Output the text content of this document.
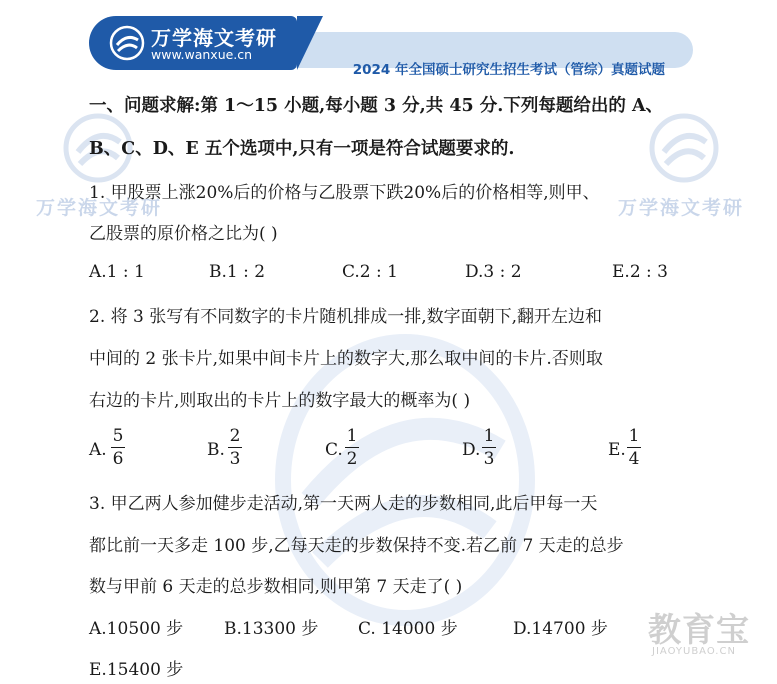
万学海文考研	万学海文考研
教育宝
JIAOYUBAO.CN
2024 年全国硕士研究生招生考试（管综）真题试题
万学海文考研
www.wanxue.cn
一、问题求解:第 1～15 小题,每小题 3 分,共 45 分.下列每题给出的 A、
B、C、D、E 五个选项中,只有一项是符合试题要求的.
1. 甲股票上涨20%后的价格与乙股票下跌20%后的价格相等,则甲、
乙股票的原价格之比为( )
A.1 : 1	B.1 : 2	C.2 : 1	D.3 : 2	E.2 : 3
2. 将 3 张写有不同数字的卡片随机排成一排,数字面朝下,翻开左边和
中间的 2 张卡片,如果中间卡片上的数字大,那么取中间的卡片.否则取
右边的卡片,则取出的卡片上的数字最大的概率为( )
A.
5
6	B.
2
3	C.
1
2	D.
1
3	E.
1
4
3. 甲乙两人参加健步走活动,第一天两人走的步数相同,此后甲每一天
都比前一天多走 100 步,乙每天走的步数保持不变.若乙前 7 天走的总步
数与甲前 6 天走的总步数相同,则甲第 7 天走了( )
A.10500 步 B.13300 步 C. 14000 步	D.14700 步
E.15400 步
